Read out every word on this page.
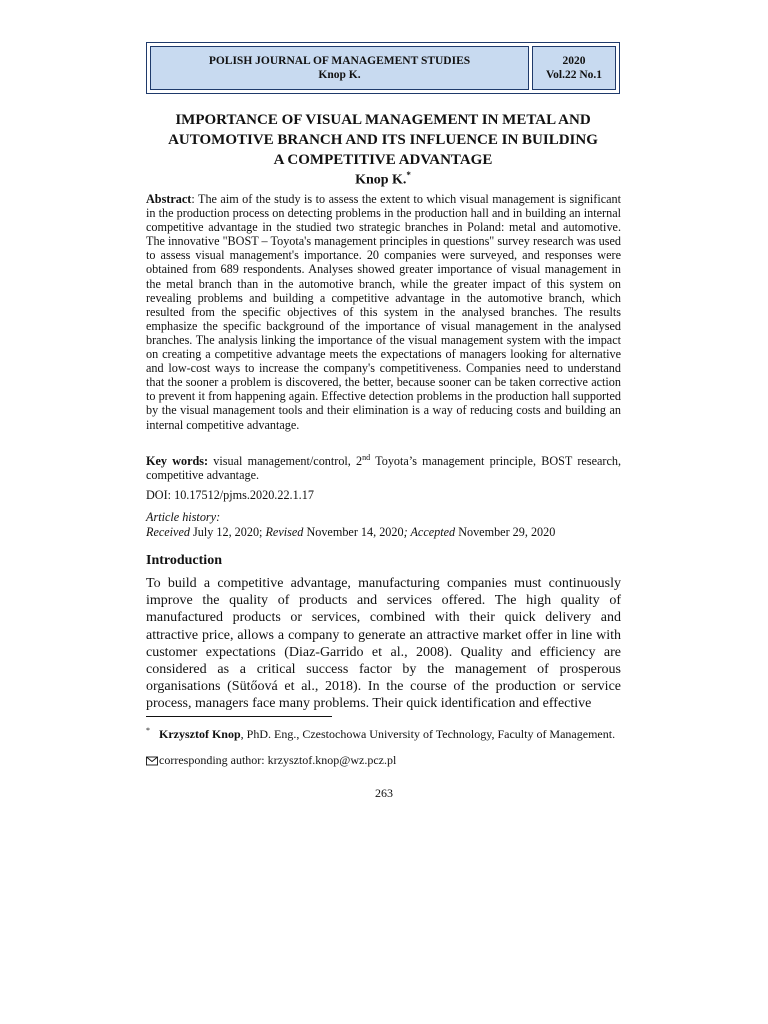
POLISH JOURNAL OF MANAGEMENT STUDIES
Knop K.
2020
Vol.22 No.1
IMPORTANCE OF VISUAL MANAGEMENT IN METAL AND
AUTOMOTIVE BRANCH AND ITS INFLUENCE IN BUILDING
A COMPETITIVE ADVANTAGE
Knop K.*
Abstract: The aim of the study is to assess the extent to which visual management is significant in the production process on detecting problems in the production hall and in building an internal competitive advantage in the studied two strategic branches in Poland: metal and automotive. The innovative "BOST – Toyota's management principles in questions" survey research was used to assess visual management's importance. 20 companies were surveyed, and responses were obtained from 689 respondents. Analyses showed greater importance of visual management in the metal branch than in the automotive branch, while the greater impact of this system on revealing problems and building a competitive advantage in the automotive branch, which resulted from the specific objectives of this system in the analysed branches. The results emphasize the specific background of the importance of visual management in the analysed branches. The analysis linking the importance of the visual management system with the impact on creating a competitive advantage meets the expectations of managers looking for alternative and low-cost ways to increase the company's competitiveness. Companies need to understand that the sooner a problem is discovered, the better, because sooner can be taken corrective action to prevent it from happening again. Effective detection problems in the production hall supported by the visual management tools and their elimination is a way of reducing costs and building an internal competitive advantage.
Key words: visual management/control, 2nd Toyota’s management principle, BOST research, competitive advantage.
DOI: 10.17512/pjms.2020.22.1.17
Article history:
Received July 12, 2020; Revised November 14, 2020; Accepted November 29, 2020
Introduction
To build a competitive advantage, manufacturing companies must continuously improve the quality of products and services offered. The high quality of manufactured products or services, combined with their quick delivery and attractive price, allows a company to generate an attractive market offer in line with customer expectations (Diaz-Garrido et al., 2008). Quality and efficiency are considered as a critical success factor by the management of prosperous organisations (Sütőová et al., 2018). In the course of the production or service process, managers face many problems. Their quick identification and effective
* Krzysztof Knop, PhD. Eng., Czestochowa University of Technology, Faculty of Management.
corresponding author: krzysztof.knop@wz.pcz.pl
263
